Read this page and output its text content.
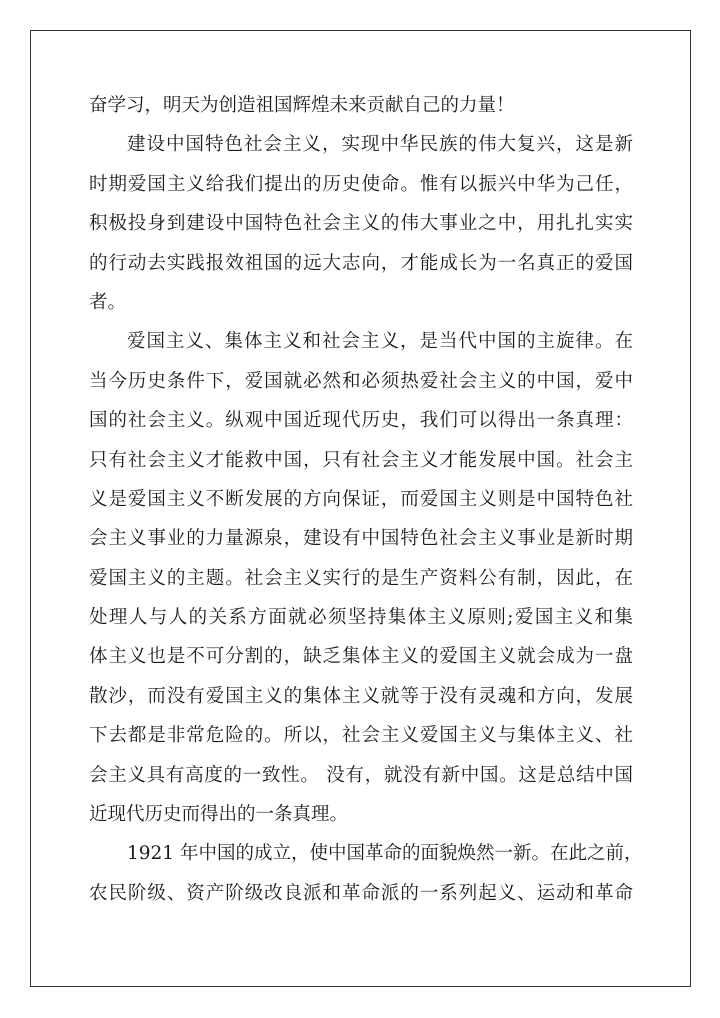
奋学习，明天为创造祖国辉煌未来贡献自己的力量！
建设中国特色社会主义，实现中华民族的伟大复兴，这是新
时期爱国主义给我们提出的历史使命。惟有以振兴中华为己任，
积极投身到建设中国特色社会主义的伟大事业之中，用扎扎实实
的行动去实践报效祖国的远大志向，才能成长为一名真正的爱国
者。
爱国主义、集体主义和社会主义，是当代中国的主旋律。在
当今历史条件下，爱国就必然和必须热爱社会主义的中国，爱中
国的社会主义。纵观中国近现代历史，我们可以得出一条真理：
只有社会主义才能救中国，只有社会主义才能发展中国。社会主
义是爱国主义不断发展的方向保证，而爱国主义则是中国特色社
会主义事业的力量源泉，建设有中国特色社会主义事业是新时期
爱国主义的主题。社会主义实行的是生产资料公有制，因此，在
处理人与人的关系方面就必须坚持集体主义原则;爱国主义和集
体主义也是不可分割的，缺乏集体主义的爱国主义就会成为一盘
散沙，而没有爱国主义的集体主义就等于没有灵魂和方向，发展
下去都是非常危险的。所以，社会主义爱国主义与集体主义、社
会主义具有高度的一致性。 没有，就没有新中国。这是总结中国
近现代历史而得出的一条真理。
1921 年中国的成立，使中国革命的面貌焕然一新。在此之前，
农民阶级、资产阶级改良派和革命派的一系列起义、运动和革命
